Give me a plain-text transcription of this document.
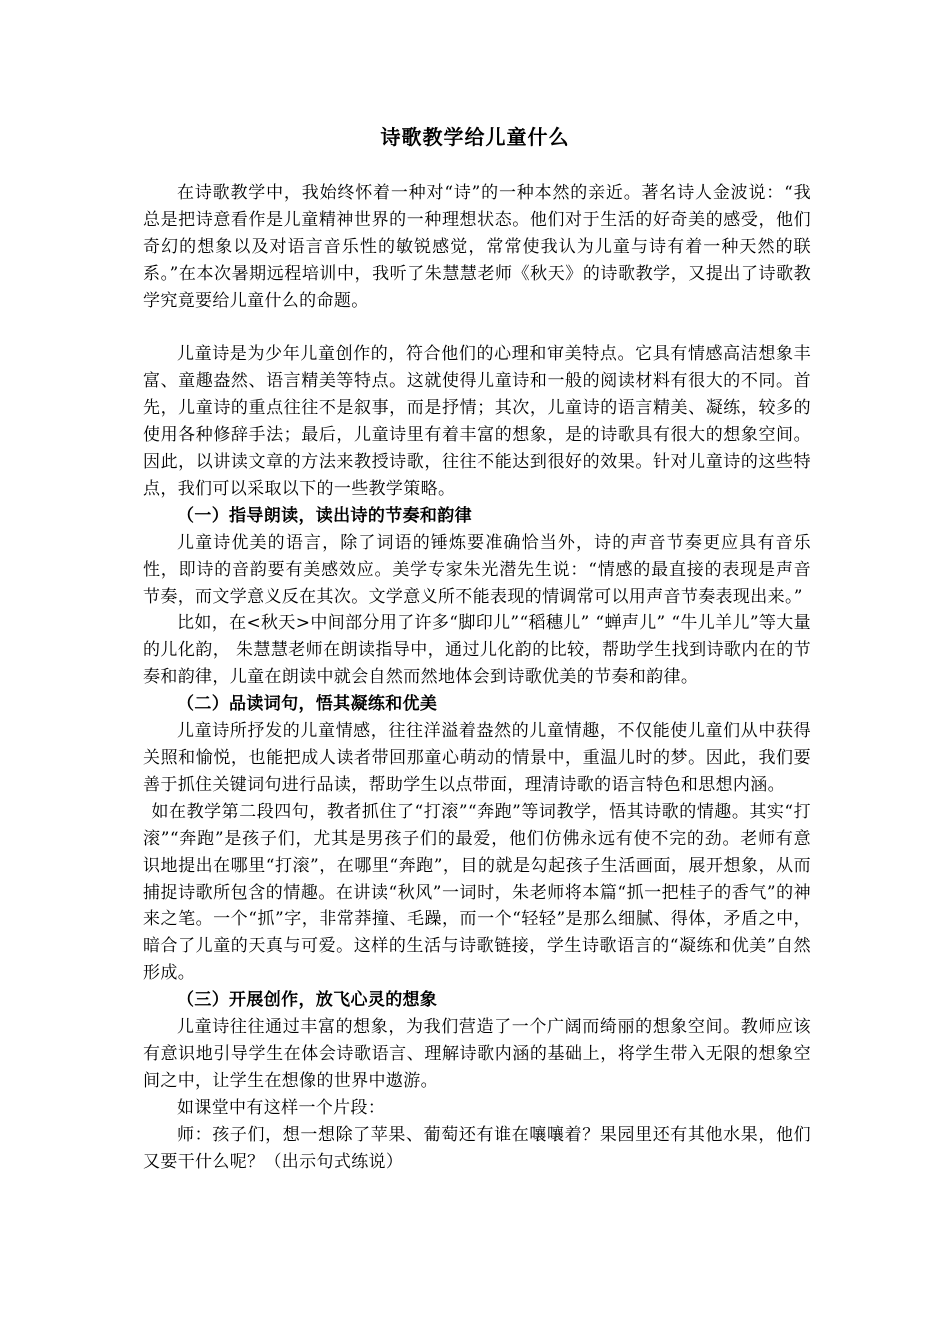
诗歌教学给儿童什么

在诗歌教学中，我始终怀着一种对“诗”的一种本然的亲近。著名诗人金波说：“我总是把诗意看作是儿童精神世界的一种理想状态。他们对于生活的好奇美的感受，他们奇幻的想象以及对语言音乐性的敏锐感觉，常常使我认为儿童与诗有着一种天然的联系。”在本次暑期远程培训中，我听了朱慧慧老师《秋天》的诗歌教学，又提出了诗歌教学究竟要给儿童什么的命题。

儿童诗是为少年儿童创作的，符合他们的心理和审美特点。它具有情感高洁想象丰富、童趣盎然、语言精美等特点。这就使得儿童诗和一般的阅读材料有很大的不同。首先，儿童诗的重点往往不是叙事，而是抒情；其次，儿童诗的语言精美、凝练，较多的使用各种修辞手法；最后，儿童诗里有着丰富的想象，是的诗歌具有很大的想象空间。因此，以讲读文章的方法来教授诗歌，往往不能达到很好的效果。针对儿童诗的这些特点，我们可以采取以下的一些教学策略。

（一）指导朗读，读出诗的节奏和韵律

儿童诗优美的语言，除了词语的锤炼要准确恰当外，诗的声音节奏更应具有音乐性，即诗的音韵要有美感效应。美学专家朱光潜先生说：“情感的最直接的表现是声音节奏，而文学意义反在其次。文学意义所不能表现的情调常可以用声音节奏表现出来。”

比如，在<秋天>中间部分用了许多“脚印儿”“稻穗儿” “蝉声儿” “牛儿羊儿”等大量的儿化韵， 朱慧慧老师在朗读指导中，通过儿化韵的比较，帮助学生找到诗歌内在的节奏和韵律，儿童在朗读中就会自然而然地体会到诗歌优美的节奏和韵律。

（二）品读词句，悟其凝练和优美

儿童诗所抒发的儿童情感，往往洋溢着盎然的儿童情趣，不仅能使儿童们从中获得关照和愉悦，也能把成人读者带回那童心萌动的情景中，重温儿时的梦。因此，我们要善于抓住关键词句进行品读，帮助学生以点带面，理清诗歌的语言特色和思想内涵。

如在教学第二段四句，教者抓住了“打滚”“奔跑”等词教学，悟其诗歌的情趣。其实“打滚”“奔跑”是孩子们，尤其是男孩子们的最爱，他们仿佛永远有使不完的劲。老师有意识地提出在哪里“打滚”，在哪里“奔跑”，目的就是勾起孩子生活画面，展开想象，从而捕捉诗歌所包含的情趣。在讲读“秋风”一词时，朱老师将本篇“抓一把桂子的香气”的神来之笔。一个“抓”字，非常莽撞、毛躁，而一个“轻轻”是那么细腻、得体，矛盾之中，暗合了儿童的天真与可爱。这样的生活与诗歌链接，学生诗歌语言的“凝练和优美”自然形成。

（三）开展创作，放飞心灵的想象

儿童诗往往通过丰富的想象，为我们营造了一个广阔而绮丽的想象空间。教师应该有意识地引导学生在体会诗歌语言、理解诗歌内涵的基础上，将学生带入无限的想象空间之中，让学生在想像的世界中遨游。

如课堂中有这样一个片段：

师：孩子们，想一想除了苹果、葡萄还有谁在嚷嚷着？果园里还有其他水果，他们又要干什么呢？（出示句式练说）
